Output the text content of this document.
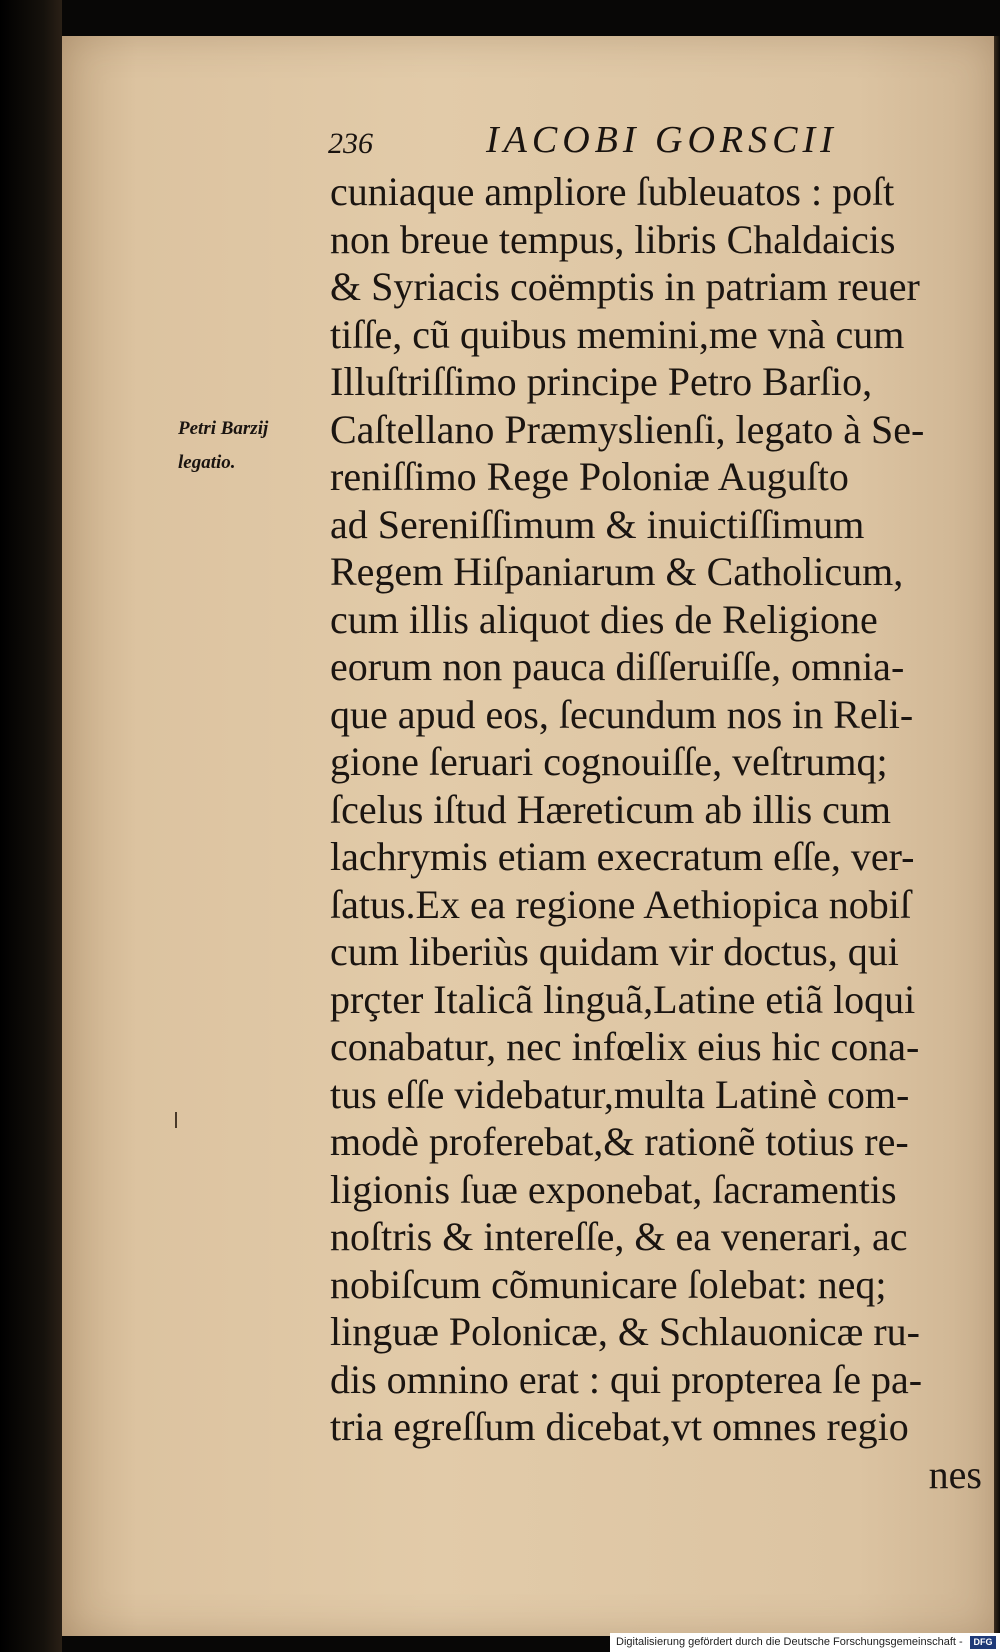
236	IACOBI GORSCII
Petri Barzij
legatio.
cuniaque ampliore ſubleuatos : poſt
non breue tempus, libris Chaldaicis
& Syriacis coëmptis in patriam reuer
tiſſe, cũ quibus memini,me vnà cum
Illuſtriſſimo principe Petro Barſio,
Caſtellano Præmyslienſi, legato à Se-
reniſſimo Rege Poloniæ Auguſto
ad Sereniſſimum & inuictiſſimum
Regem Hiſpaniarum & Catholicum,
cum illis aliquot dies de Religione
eorum non pauca diſſeruiſſe, omnia-
que apud eos, ſecundum nos in Reli-
gione ſeruari cognouiſſe, veſtrumq;
ſcelus iſtud Hæreticum ab illis cum
lachrymis etiam execratum eſſe, ver-
ſatus.Ex ea regione Aethiopica nobiſ
cum liberiùs quidam vir doctus, qui
prçter Italicã linguã,Latine etiã loqui
conabatur, nec infœlix eius hic cona-
tus eſſe videbatur,multa Latinè com-
modè proferebat,& rationẽ totius re-
ligionis ſuæ exponebat, ſacramentis
noſtris & intereſſe, & ea venerari, ac
nobiſcum cõmunicare ſolebat: neq;
linguæ Polonicæ, & Schlauonicæ ru-
dis omnino erat : qui propterea ſe pa-
tria egreſſum dicebat,vt omnes regio
nes
Digitalisierung gefördert durch die Deutsche Forschungsgemeinschaft -	DFG
